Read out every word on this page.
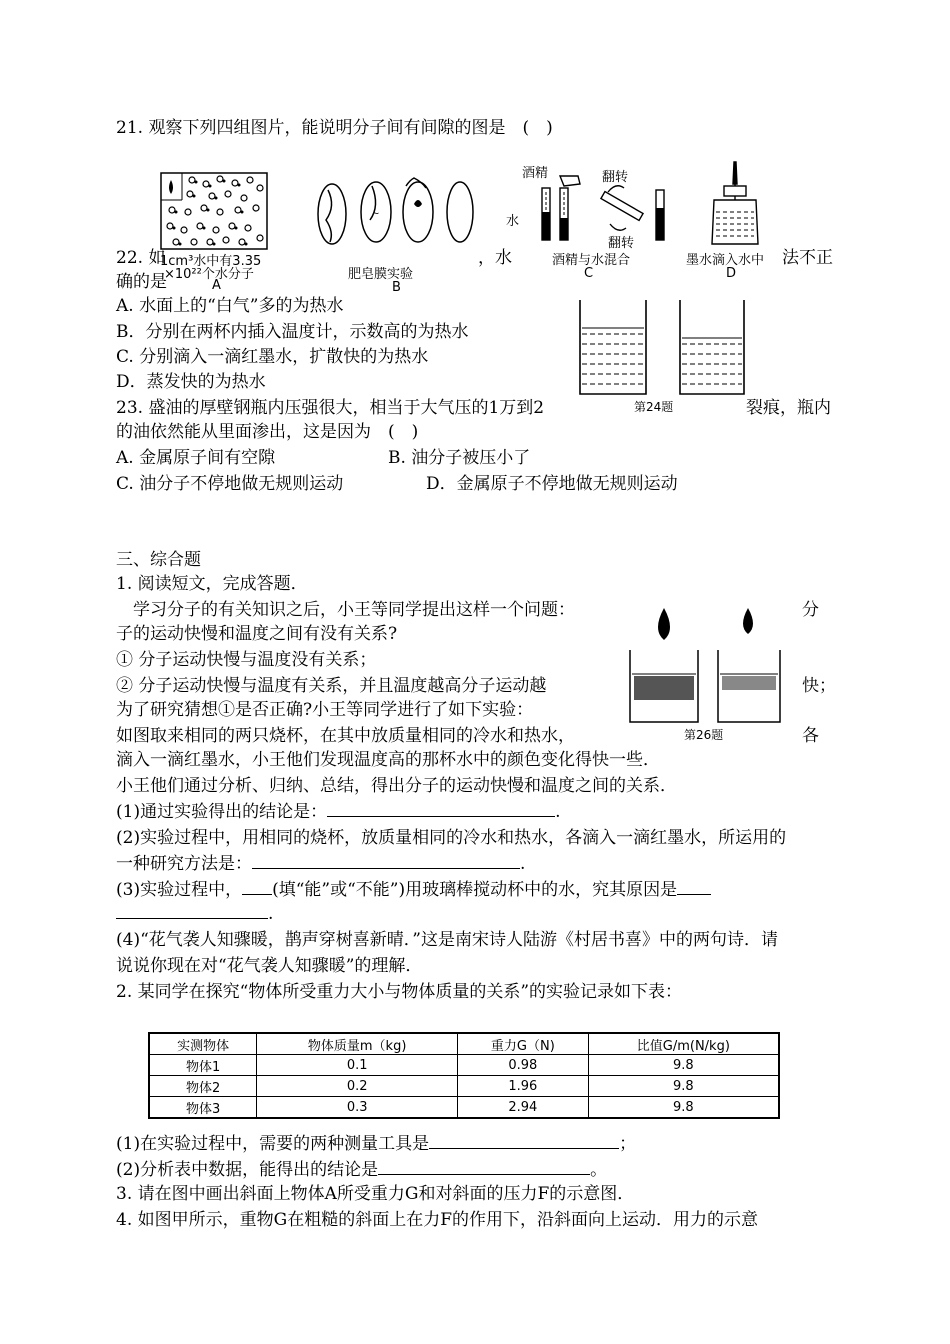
21. 观察下列四组图片，能说明分子间有间隙的图是　(　)
1cm³水中有3.35
×10²²个水分子
A
~
肥皂膜实验
B
酒精	翻转
水
翻转
酒精与水混合
C
墨水滴入水中
D
22. 如	，水	法不正
确的是
A. 水面上的“白气”多的为热水
B．分别在两杯内插入温度计，示数高的为热水
C. 分别滴入一滴红墨水，扩散快的为热水
D．蒸发快的为热水
第24题
23. 盛油的厚壁钢瓶内压强很大，相当于大气压的1万到2	裂痕，瓶内
的油依然能从里面渗出，这是因为　(　)
A. 金属原子间有空隙	B. 油分子被压小了
C. 油分子不停地做无规则运动	D．金属原子不停地做无规则运动
三、综合题
1. 阅读短文，完成答题．
　学习分子的有关知识之后，小王等同学提出这样一个问题：	分
子的运动快慢和温度之间有没有关系?
① 分子运动快慢与温度没有关系；
② 分子运动快慢与温度有关系，并且温度越高分子运动越	快；
为了研究猜想①是否正确?小王等同学进行了如下实验：
如图取来相同的两只烧杯，在其中放质量相同的冷水和热水，	各
滴入一滴红墨水，小王他们发现温度高的那杯水中的颜色变化得快一些．
小王他们通过分析、归纳、总结，得出分子的运动快慢和温度之间的关系．
第26题
(1)通过实验得出的结论是：	.
(2)实验过程中，用相同的烧杯，放质量相同的冷水和热水，各滴入一滴红墨水，所运用的
一种研究方法是：	.
(3)实验过程中， (填“能”或“不能”)用玻璃棒搅动杯中的水，究其原因是
.
(4)“花气袭人知骤暖，鹊声穿树喜新晴．”这是南宋诗人陆游《村居书喜》中的两句诗．请
说说你现在对“花气袭人知骤暖”的理解．
2. 某同学在探究“物体所受重力大小与物体质量的关系”的实验记录如下表：
实测物体	物体质量m（kg)	重力G（N)	比值G/m(N/kg)
物体1	0.1	0.98	9.8
物体2	0.2	1.96	9.8
物体3	0.3	2.94	9.8
(1)在实验过程中，需要的两种测量工具是	；
(2)分析表中数据，能得出的结论是	。
3. 请在图中画出斜面上物体A所受重力G和对斜面的压力F的示意图．
4. 如图甲所示，重物G在粗糙的斜面上在力F的作用下，沿斜面向上运动．用力的示意
